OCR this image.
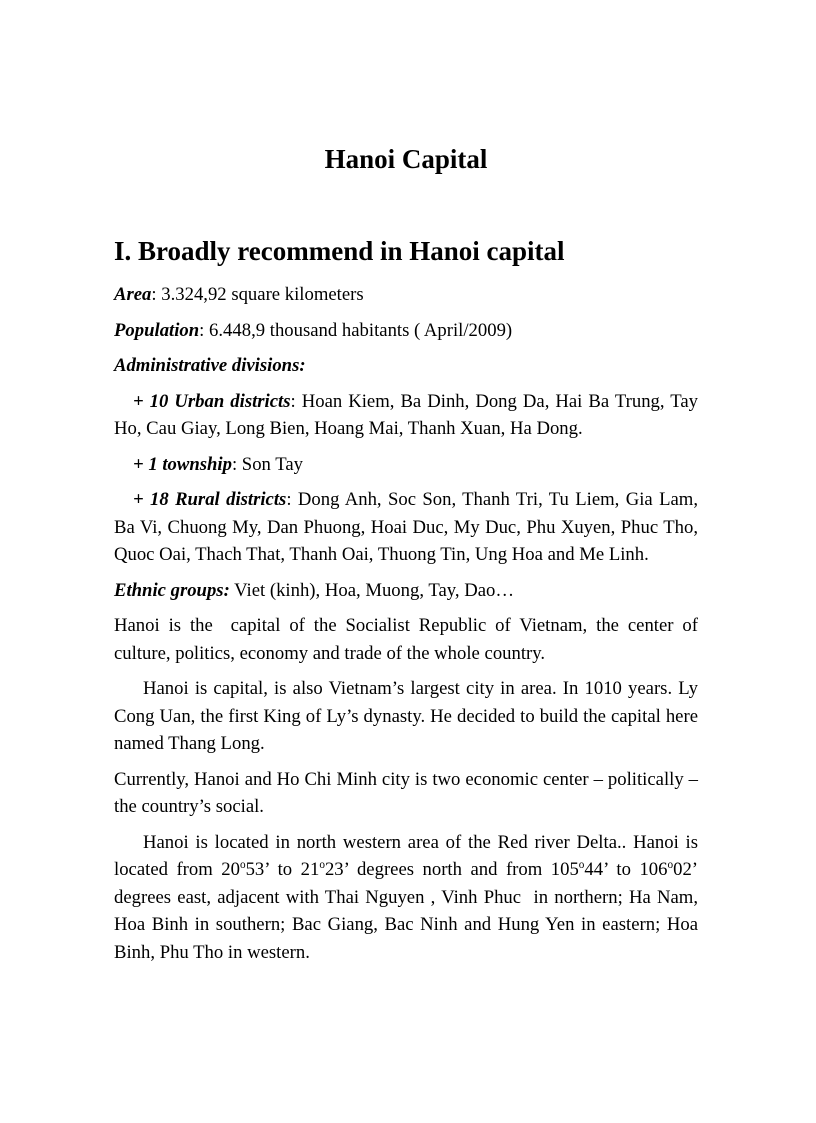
Hanoi Capital
I. Broadly recommend in Hanoi capital

Area: 3.324,92 square kilometers

Population: 6.448,9 thousand habitants ( April/2009)

Administrative divisions:

+ 10 Urban districts: Hoan Kiem, Ba Dinh, Dong Da, Hai Ba Trung, Tay Ho, Cau Giay, Long Bien, Hoang Mai, Thanh Xuan, Ha Dong.

+ 1 township: Son Tay

+ 18 Rural districts: Dong Anh, Soc Son, Thanh Tri, Tu Liem, Gia Lam, Ba Vi, Chuong My, Dan Phuong, Hoai Duc, My Duc, Phu Xuyen, Phuc Tho, Quoc Oai, Thach That, Thanh Oai, Thuong Tin, Ung Hoa and Me Linh.

Ethnic groups: Viet (kinh), Hoa, Muong, Tay, Dao…

Hanoi is the  capital of the Socialist Republic of Vietnam, the center of culture, politics, economy and trade of the whole country.

Hanoi is capital, is also Vietnam’s largest city in area. In 1010 years. Ly Cong Uan, the first King of Ly’s dynasty. He decided to build the capital here named Thang Long.

Currently, Hanoi and Ho Chi Minh city is two economic center – politically – the country’s social.

Hanoi is located in north western area of the Red river Delta.. Hanoi is located from 20$^o$53’ to 21$^o$23’ degrees north and from 105$^o$44’ to 106$^o$02’ degrees east, adjacent with Thai Nguyen , Vinh Phuc  in northern; Ha Nam, Hoa Binh in southern; Bac Giang, Bac Ninh and Hung Yen in eastern; Hoa Binh, Phu Tho in western.
